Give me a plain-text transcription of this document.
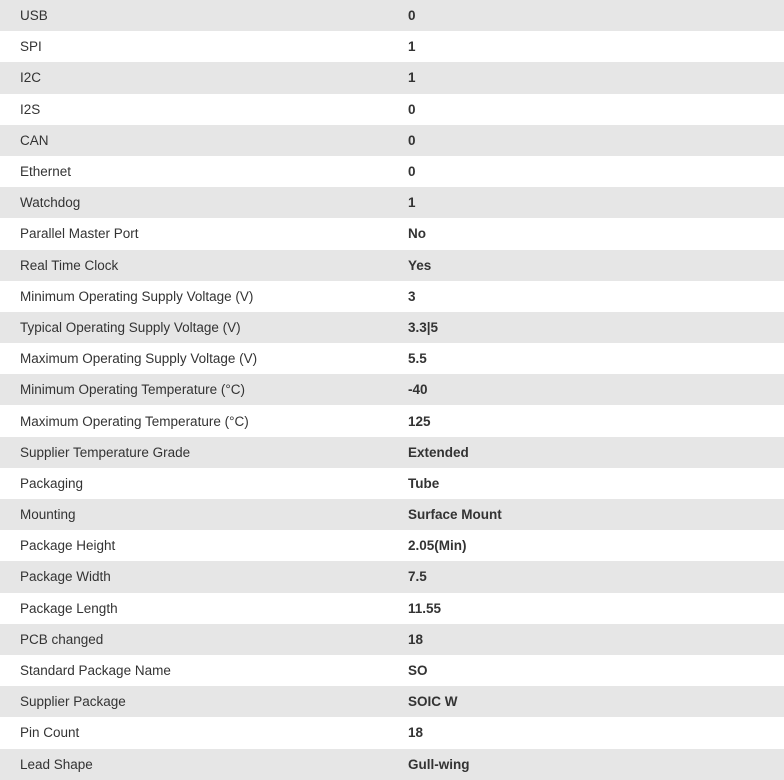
USB	0
SPI	1
I2C	1
I2S	0
CAN	0
Ethernet	0
Watchdog	1
Parallel Master Port	No
Real Time Clock	Yes
Minimum Operating Supply Voltage (V)	3
Typical Operating Supply Voltage (V)	3.3|5
Maximum Operating Supply Voltage (V)	5.5
Minimum Operating Temperature (°C)	-40
Maximum Operating Temperature (°C)	125
Supplier Temperature Grade	Extended
Packaging	Tube
Mounting	Surface Mount
Package Height	2.05(Min)
Package Width	7.5
Package Length	11.55
PCB changed	18
Standard Package Name	SO
Supplier Package	SOIC W
Pin Count	18
Lead Shape	Gull-wing
